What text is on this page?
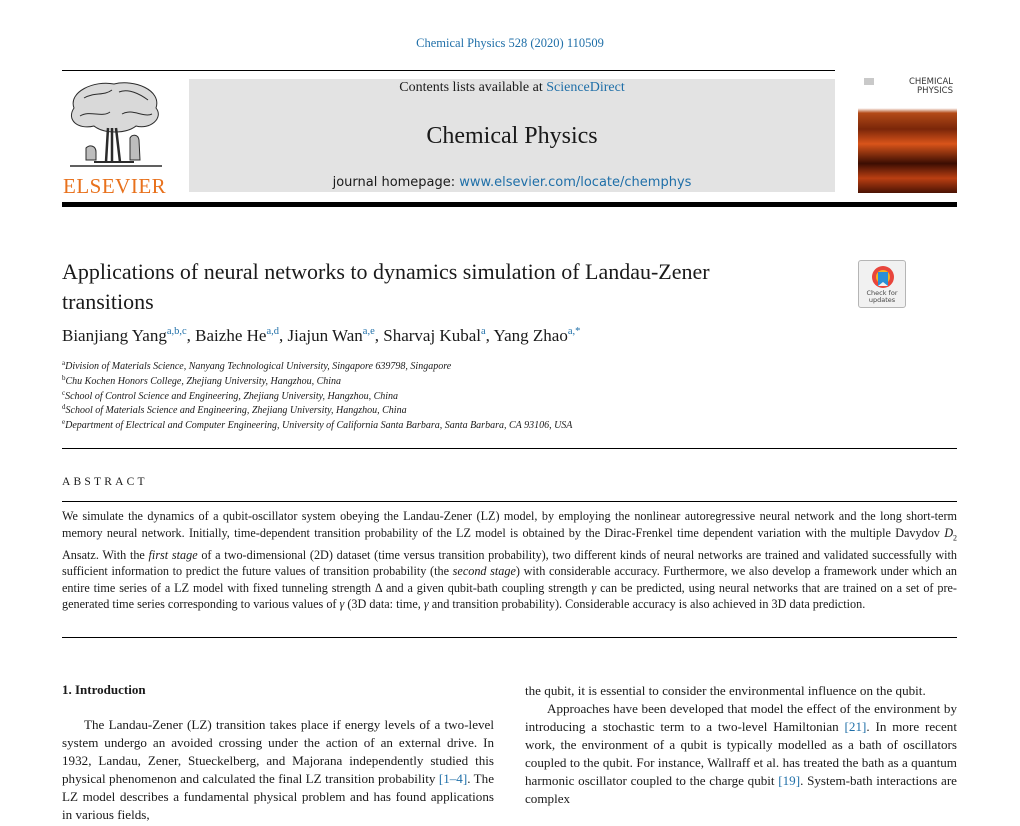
Chemical Physics 528 (2020) 110509
ELSEVIER
Contents lists available at ScienceDirect
Chemical Physics
journal homepage: www.elsevier.com/locate/chemphys
CHEMICAL
PHYSICS
Applications of neural networks to dynamics simulation of Landau-Zener
transitions	Check for
updates
Bianjiang Yang$^{a,b,c}$, Baizhe He$^{a,d}$, Jiajun Wan$^{a,e}$, Sharvaj Kubal$^a$, Yang Zhao$^{a,*}$
$^a$Division of Materials Science, Nanyang Technological University, Singapore 639798, Singapore
$^b$Chu Kochen Honors College, Zhejiang University, Hangzhou, China
$^c$School of Control Science and Engineering, Zhejiang University, Hangzhou, China
$^d$School of Materials Science and Engineering, Zhejiang University, Hangzhou, China
$^e$Department of Electrical and Computer Engineering, University of California Santa Barbara, Santa Barbara, CA 93106, USA
ABSTRACT
We simulate the dynamics of a qubit-oscillator system obeying the Landau-Zener (LZ) model, by employing the nonlinear autoregressive neural network and the long short-term memory neural network. Initially, time-dependent transition probability of the LZ model is obtained by the Dirac-Frenkel time dependent variation with the multiple Davydov $D_2$ Ansatz. With the first stage of a two-dimensional (2D) dataset (time versus transition probability), two different kinds of neural networks are trained and validated successfully with sufficient information to predict the future values of transition probability (the second stage) with considerable accuracy. Furthermore, we also develop a framework under which an entire time series of a LZ model with fixed tunneling strength Δ and a given qubit-bath coupling strength γ can be predicted, using neural networks that are trained on a set of pre-generated time series corresponding to various values of γ (3D data: time, γ and transition probability). Considerable accuracy is also achieved in 3D data prediction.
1. Introduction
The Landau-Zener (LZ) transition takes place if energy levels of a two-level system undergo an avoided crossing under the action of an external drive. In 1932, Landau, Zener, Stueckelberg, and Majorana independently studied this physical phenomenon and calculated the final LZ transition probability [1–4]. The LZ model describes a fundamental physical problem and has found applications in various fields,
the qubit, it is essential to consider the environmental influence on the qubit.
Approaches have been developed that model the effect of the environment by introducing a stochastic term to a two-level Hamiltonian [21]. In more recent work, the environment of a qubit is typically modelled as a bath of oscillators coupled to the qubit. For instance, Wallraff et al. has treated the bath as a quantum harmonic oscillator coupled to the charge qubit [19]. System-bath interactions are complex
